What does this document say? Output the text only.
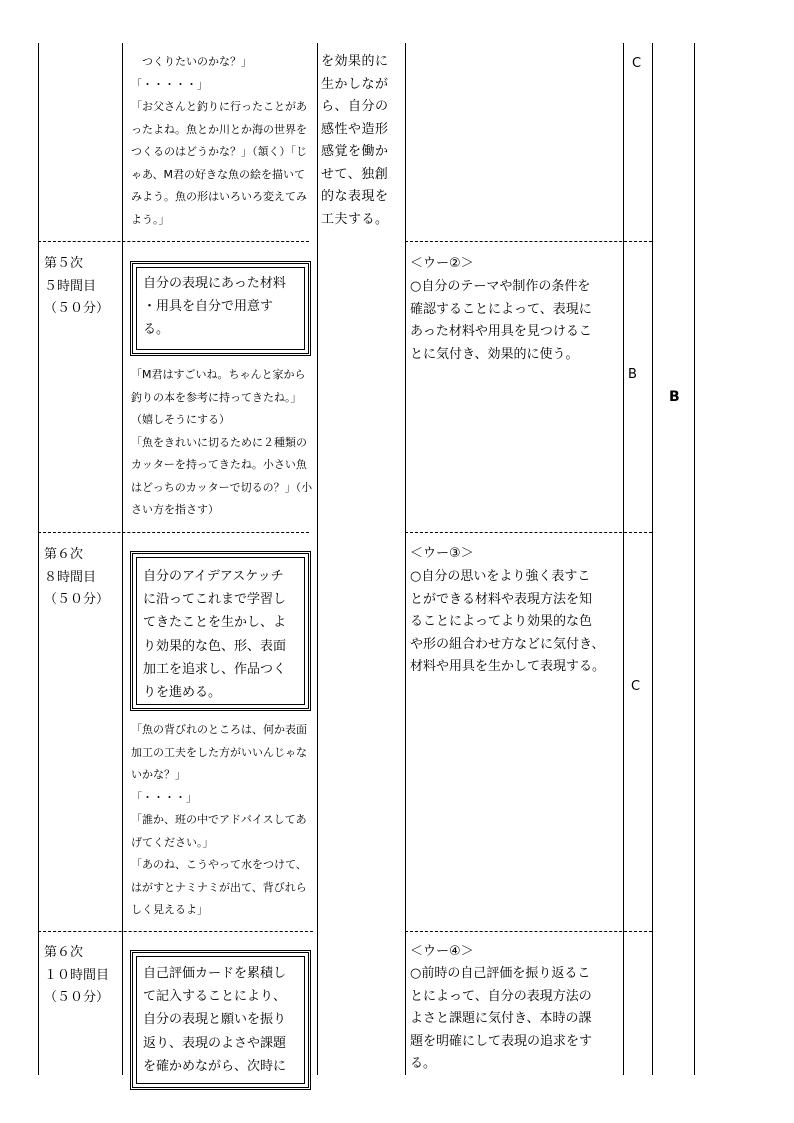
　つくりたいのかな？」
「・・・・・」
「お父さんと釣りに行ったことがあったよね。魚とか川とか海の世界をつくるのはどうかな？」（頷く）「じゃあ、M君の好きな魚の絵を描いてみよう。魚の形はいろいろ変えてみよう。」
を効果的に
生かしなが
ら、自分の
感性や造形
感覚を働か
せて、独創
的な表現を
工夫する。
C
第５次
５時間目
（５０分）
自分の表現にあった材料
・用具を自分で用意す
る。
「M君はすごいね。ちゃんと家から釣りの本を参考に持ってきたね。」（嬉しそうにする）
「魚をきれいに切るために２種類のカッターを持ってきたね。小さい魚はどっちのカッターで切るの？」（小さい方を指さす）
＜ウー②＞
○自分のテーマや制作の条件を
確認することによって、表現に
あった材料や用具を見つけるこ
とに気付き、効果的に使う。
B
B
第６次
８時間目
（５０分）
自分のアイデアスケッチ
に沿ってこれまで学習し
てきたことを生かし、よ
り効果的な色、形、表面
加工を追求し、作品つく
りを進める。
「魚の背びれのところは、何か表面加工の工夫をした方がいいんじゃないかな？」
「・・・・」
「誰か、班の中でアドバイスしてあげてください。」
「あのね、こうやって水をつけて、はがすとナミナミが出て、背びれらしく見えるよ」
＜ウー③＞
○自分の思いをより強く表すこ
とができる材料や表現方法を知
ることによってより効果的な色
や形の組合わせ方などに気付き、
材料や用具を生かして表現する。
C
第６次
１０時間目
（５０分）
自己評価カードを累積し
て記入することにより、
自分の表現と願いを振り
返り、表現のよさや課題
を確かめながら、次時に
＜ウー④＞
○前時の自己評価を振り返るこ
とによって、自分の表現方法の
よさと課題に気付き、本時の課
題を明確にして表現の追求をす
る。
